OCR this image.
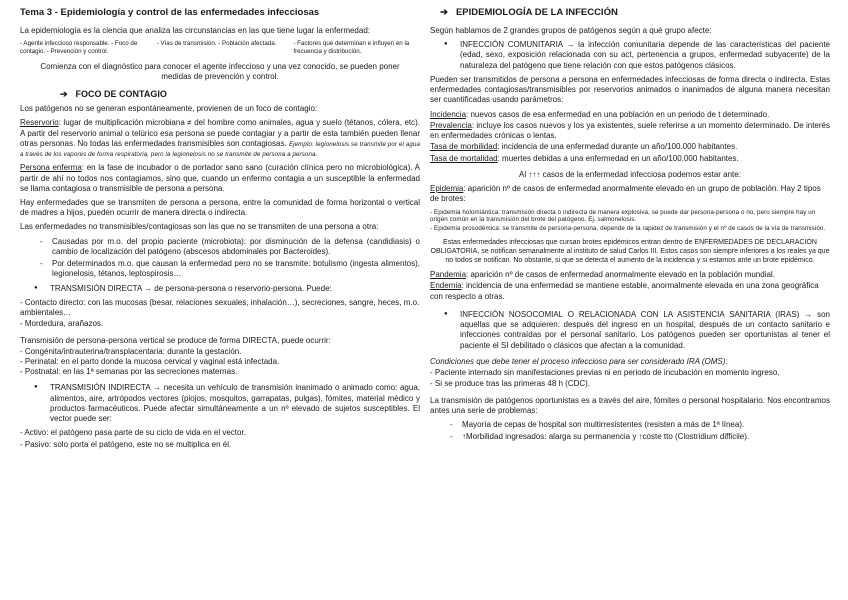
Tema 3 - Epidemiología y control de las enfermedades infecciosas	➔ EPIDEMIOLOGÍA DE LA INFECCIÓN

La epidemiología es la ciencia que analiza las circunstancias en las que tiene lugar la enfermedad:

- Agente infeccioso responsable. - Foco de contagio. - Prevención y control.
- Vías de transmisión. - Población afectada.	- Factores que determinan e influyen en la frecuencia y distribución.

Comienza con el diagnóstico para conocer el agente infeccioso y una vez conocido, se pueden poner medidas de prevención y control.

➔ FOCO DE CONTAGIO

Los patógenos no se generan espontáneamente, provienen de un foco de contagio:

Reservorio: lugar de multiplicación microbiana ≠ del hombre como animales, agua y suelo (tétanos, cólera, etc). A partir del reservorio animal o telúrico esa persona se puede contagiar y a partir de esta también pueden llenar otras personas. No todas las enfermedades transmisibles son contagiosas. Ejemplo: legionelosis se transmite por el agua a través de los vapores de forma respiratoria, pero la legionelosis no se transmite de persona a persona.

Persona enferma: en la fase de incubador o de portador sano sano (curación clínica pero no microbiológica). A partir de ahí no todos nos contagiamos, sino que, cuando un enfermo contagia a un susceptible la enfermedad se llama contagiosa o transmisible de persona a persona.

Hay enfermedades que se transmiten de persona a persona, entre la comunidad de forma horizontal o vertical de madres a hijos, pueden ocurrir de manera directa o indirecta.

Las enfermedades no transmisibles/contagiosas son las que no se transmiten de una persona a otra:

- Causadas por m.o. del propio paciente (microbiota): por disminución de la defensa (candidiasis) o cambio de localización del patógeno (abscesos abdominales por Bacteroides).
- Por determinados m.o. que causan la enfermedad pero no se transmite: botulismo (ingesta alimentos), legionelosis, tétanos, leptospirosis…
● TRANSMISIÓN DIRECTA → de persona-persona o reservorio-persona. Puede:

- Contacto directo: con las mucosas (besar, relaciones sexuales, inhalación…), secreciones, sangre, heces, m.o. ambientales…

- Mordedura, arañazos.

Transmisión de persona-persona vertical se produce de forma DIRECTA, puede ocurrir:

- Congénita/intrauterina/transplacentaria: durante la gestación.

- Perinatal: en el parto donde la mucosa cervical y vaginal está infectada.

- Postnatal: en las 1ª semanas por las secreciones maternas.

● TRANSMISIÓN INDIRECTA → necesita un vehículo de transmisión inanimado o animado como: agua, alimentos, aire, artrópodos vectores (piojos, mosquitos, garrapatas, pulgas), fómites, material médico y productos farmacéuticos. Puede afectar simultáneamente a un nº elevado de sujetos susceptibles. El vector puede ser:

- Activo: el patógeno pasa parte de su ciclo de vida en el vector.

- Pasivo: solo porta el patógeno, este no se multiplica en él.

Según hablamos de 2 grandes grupos de patógenos según a qué grupo afecte:

● INFECCIÓN COMUNITARIA → la infección comunitaria depende de las características del paciente (edad, sexo, exposición relacionada con su act, pertenencia a grupos, enfermedad subyacente) de la naturaleza del patógeno que tiene relación con que estos patógenos clásicos.

Pueden ser transmitidos de persona a persona en enfermedades infecciosas de forma directa o indirecta. Estas enfermedades contagiosas/transmisibles por reservorios animados o inanimados de alguna manera necesitan ser cuantificadas usando parámetros:

Incidencia: nuevos casos de esa enfermedad en una población en un periodo de t determinado.

Prevalencia: incluye los casos nuevos y los ya existentes, suele referirse a un momento determinado. De interés en enfermedades crónicas o lentas.

Tasa de morbilidad: incidencia de una enfermedad durante un año/100.000 habitantes.

Tasa de mortalidad: muertes debidas a una enfermedad en un año/100.000 habitantes.

Al ↑↑↑ casos de la enfermedad infecciosa podemos estar ante:

Epidemia: aparición nº de casos de enfermedad anormalmente elevado en un grupo de población. Hay 2 tipos de brotes:

- Epidemia holomiántica: transmisión directa o indirecta de manera explosiva, se puede dar persona-persona o no, pero siempre hay un origen común en la transmisión del brote del patógeno. Ej. salmonelosis.

- Epidemia prosodémica: se transmite de persona-persona, depende de la rapidez de transmisión y el nº de casos de la vía de transmisión.

Estas enfermedades infecciosas que cursan brotes epidémicos entran dentro de ENFERMEDADES DE DECLARACIÓN OBLIGATORIA, se notifican semanalmente al instituto de salud Carlos III. Estos casos son siempre inferiores a los reales ya que no todos se notifican. No obstante, si que se detecta el aumento de la incidencia y si estamos ante un brote epidémico.

Pandemia: aparición nº de casos de enfermedad anormalmente elevado en la población mundial.

Endemia: incidencia de una enfermedad se mantiene estable, anormalmente elevada en una zona geográfica con respecto a otras.

● INFECCIÓN NOSOCOMIAL O RELACIONADA CON LA ASISTENCIA SANITARIA (IRAS) → son aquellas que se adquieren: después del ingreso en un hospital, después de un contacto sanitario e infecciones contraídas por el personal sanitario. Los patógenos pueden ser oportunistas al tener el paciente el SI debilitado o clásicos que afectan a la comunidad.

Condiciones que debe tener el proceso infeccioso para ser considerado IRA (OMS):

- Paciente internado sin manifestaciones previas ni en periodo de incubación en momento ingreso.

- Si se produce tras las primeras 48 h (CDC).

La transmisión de patógenos oportunistas es a través del aire, fómites o personal hospitalario. Nos encontramos antes una serie de problemas:

- Mayoría de cepas de hospital son multirresistentes (resisten a más de 1ª línea).
- ↑Morbilidad ingresados: alarga su permanencia y ↑coste tto (Clostridium difficile).
